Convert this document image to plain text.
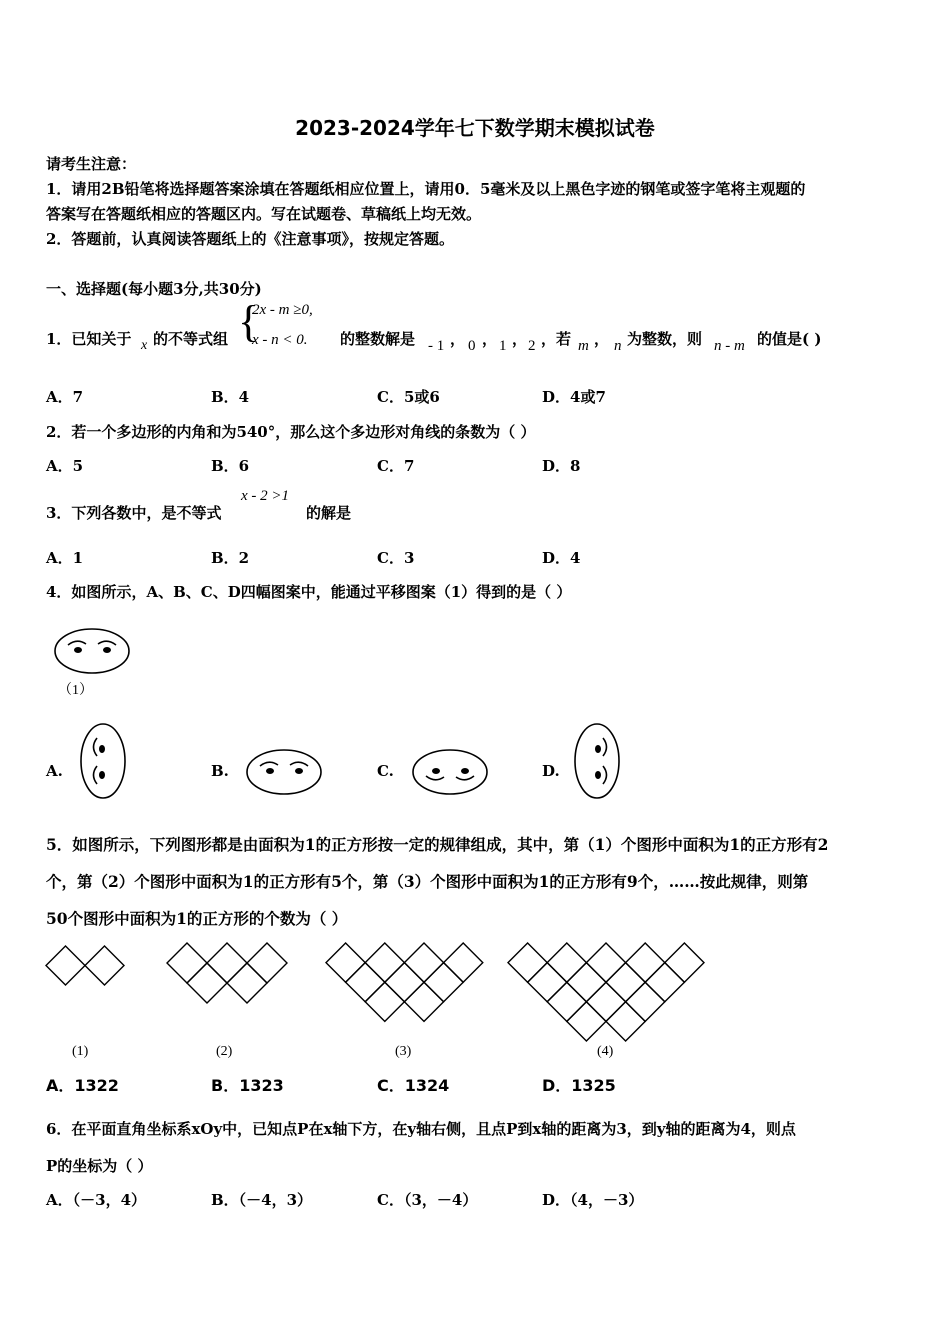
2023-2024学年七下数学期末模拟试卷
请考生注意：
1．请用2B铅笔将选择题答案涂填在答题纸相应位置上，请用0．5毫米及以上黑色字迹的钢笔或签字笔将主观题的
答案写在答题纸相应的答题区内。写在试题卷、草稿纸上均无效。
2．答题前，认真阅读答题纸上的《注意事项》，按规定答题。
一、选择题(每小题3分,共30分)
1．已知关于 x 的不等式组 {
2x - m ≥0,
x - n < 0. 的整数解是 - 1 ， 0 ， 1 ， 2 ，若 m ， n 为整数，则 n - m 的值是( )
A．7	B．4	C．5或6	D．4或7
2．若一个多边形的内角和为540°，那么这个多边形对角线的条数为（ ）
A．5	B．6	C．7	D．8
3．下列各数中，是不等式
x - 2 >1
的解是
A．1	B．2	C．3	D．4
4．如图所示，A、B、C、D四幅图案中，能通过平移图案（1）得到的是（ ）
（1）
A.	B.	C.	D.
5．如图所示，下列图形都是由面积为1的正方形按一定的规律组成，其中，第（1）个图形中面积为1的正方形有2
个，第（2）个图形中面积为1的正方形有5个，第（3）个图形中面积为1的正方形有9个，……按此规律，则第
50个图形中面积为1的正方形的个数为（ ）
(1)	(2)	(3)	(4)
A．1322	B．1323	C．1324	D．1325
6．在平面直角坐标系xOy中，已知点P在x轴下方，在y轴右侧，且点P到x轴的距离为3，到y轴的距离为4，则点
P的坐标为（ ）
A．（－3，4）	B．（－4，3）	C．（3，－4）	D．（4，－3）
